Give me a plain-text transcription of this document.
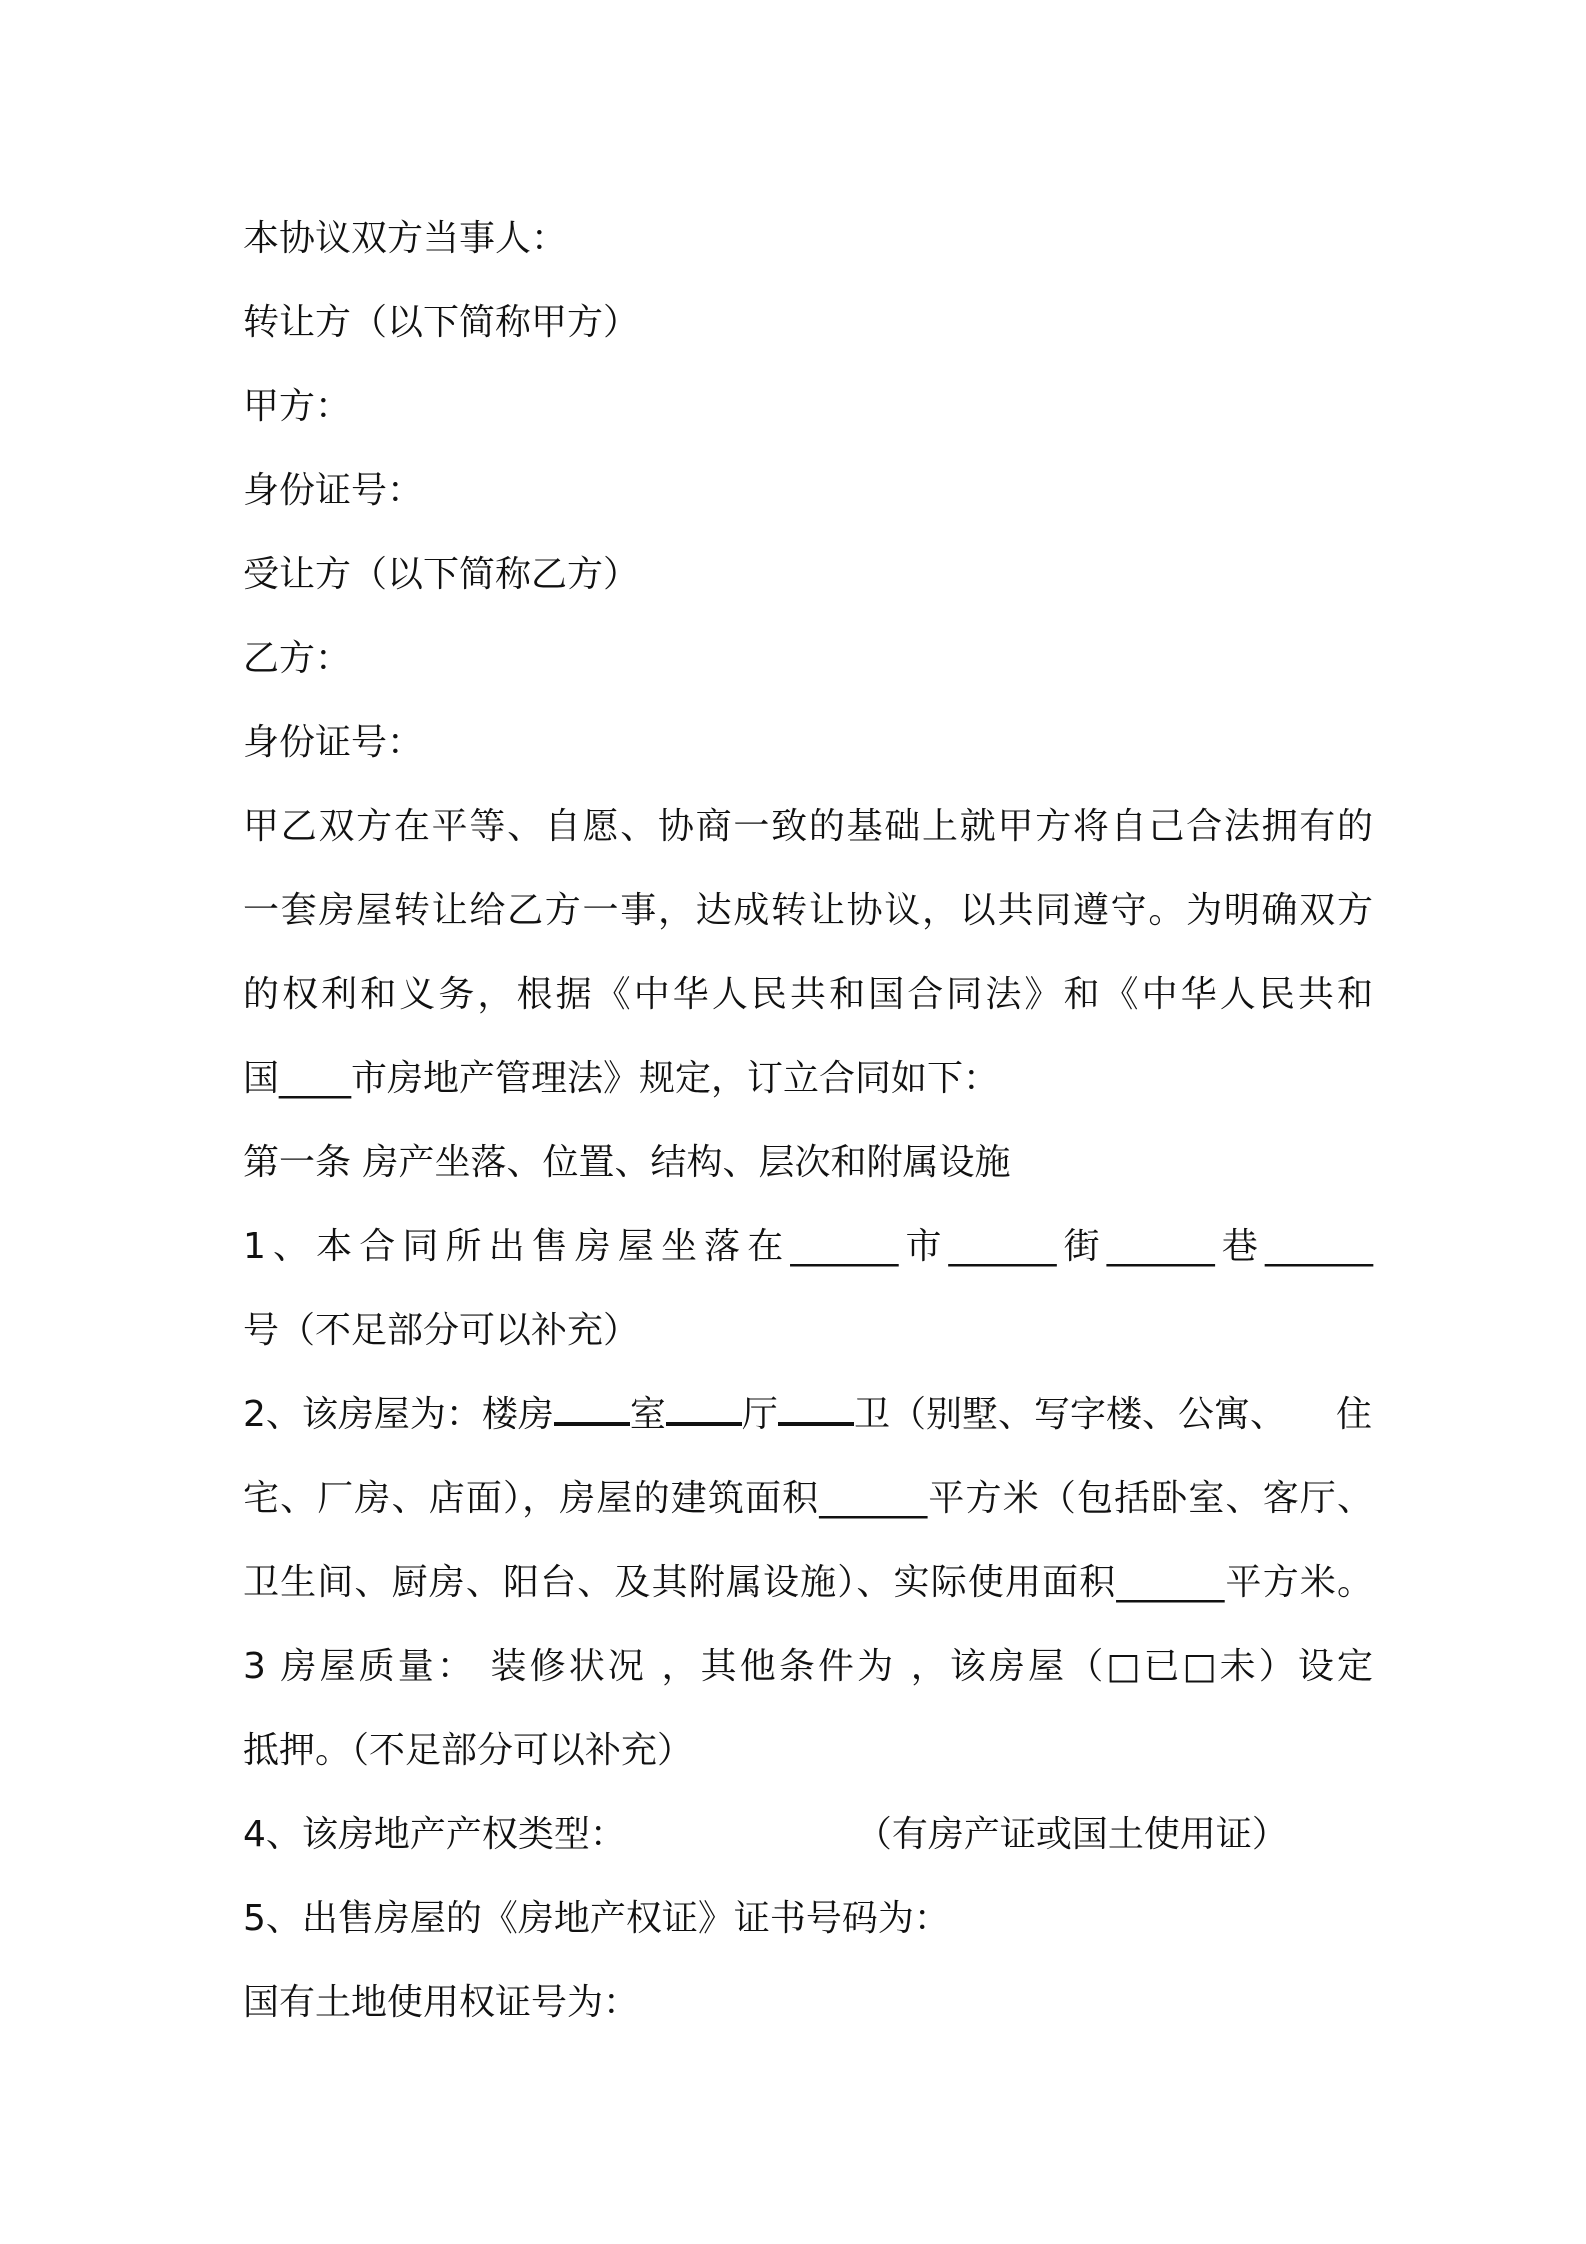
本协议双方当事人：
转让方（以下简称甲方）
甲方：
身份证号：
受让方（以下简称乙方）
乙方：
身份证号：
甲乙双方在平等、自愿、协商一致的基础上就甲方将自己合法拥有的
一套房屋转让给乙方一事，达成转让协议，以共同遵守。为明确双方
的权利和义务，根据《中华人民共和国合同法》和《中华人民共和
国____市房地产管理法》规定，订立合同如下：
第一条 房产坐落、位置、结构、层次和附属设施
1、本合同所出售房屋坐落在______市______街______巷______
号（不足部分可以补充）
2、该房屋为：楼房 室 厅 卫（别墅、写字楼、公寓、 住
宅、厂房、店面），房屋的建筑面积______平方米（包括卧室、客厅、
卫生间、厨房、阳台、及其附属设施）、实际使用面积______平方米。
3 房屋质量： 装修状况 ，其他条件为 ，该房屋（□已□未）设定
抵押。（不足部分可以补充）
4、该房地产产权类型：	（有房产证或国土使用证）
5、出售房屋的《房地产权证》证书号码为：
国有土地使用权证号为：
